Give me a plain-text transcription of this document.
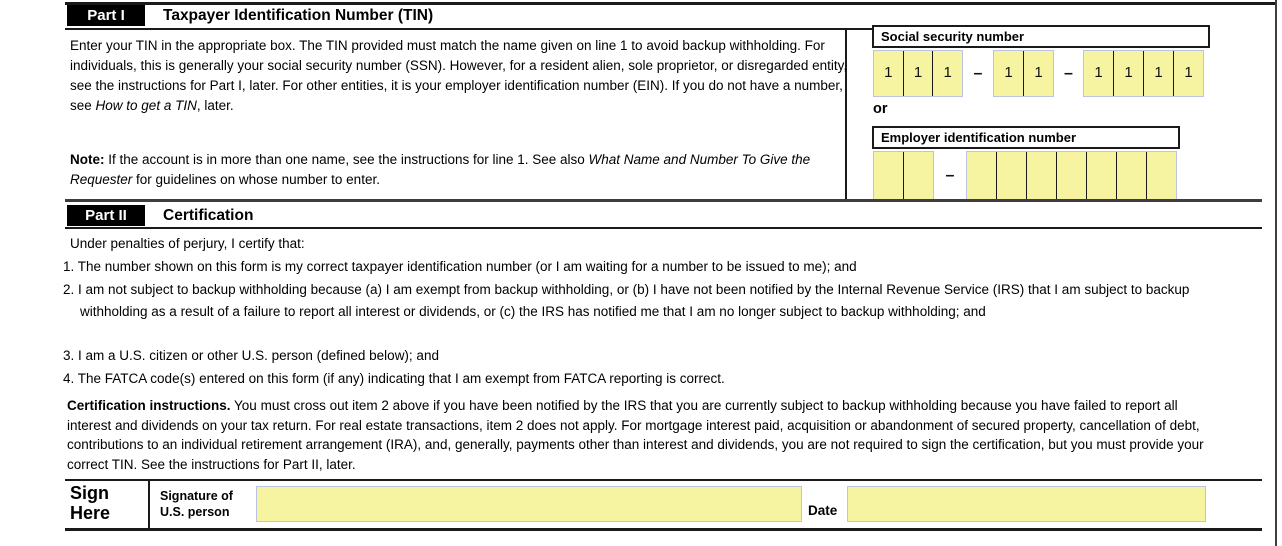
Part I	Taxpayer Identification Number (TIN)
Enter your TIN in the appropriate box. The TIN provided must match the name given on line 1 to avoid backup withholding. For individuals, this is generally your social security number (SSN). However, for a resident alien, sole proprietor, or disregarded entity, see the instructions for Part I, later. For other entities, it is your employer identification number (EIN). If you do not have a number, see How to get a TIN, later.
Note: If the account is in more than one name, see the instructions for line 1. See also What Name and Number To Give the Requester for guidelines on whose number to enter.
Social security number
1	1	1	–	1	1	–	1	1	1	1
or
Employer identification number
–
Part II	Certification
Under penalties of perjury, I certify that:
1. The number shown on this form is my correct taxpayer identification number (or I am waiting for a number to be issued to me); and
2. I am not subject to backup withholding because (a) I am exempt from backup withholding, or (b) I have not been notified by the Internal Revenue Service (IRS) that I am subject to backup withholding as a result of a failure to report all interest or dividends, or (c) the IRS has notified me that I am no longer subject to backup withholding; and
3. I am a U.S. citizen or other U.S. person (defined below); and
4. The FATCA code(s) entered on this form (if any) indicating that I am exempt from FATCA reporting is correct.
Certification instructions. You must cross out item 2 above if you have been notified by the IRS that you are currently subject to backup withholding because you have failed to report all interest and dividends on your tax return. For real estate transactions, item 2 does not apply. For mortgage interest paid, acquisition or abandonment of secured property, cancellation of debt, contributions to an individual retirement arrangement (IRA), and, generally, payments other than interest and dividends, you are not required to sign the certification, but you must provide your correct TIN. See the instructions for Part II, later.
Sign
Here
Signature of
U.S. person	Date
